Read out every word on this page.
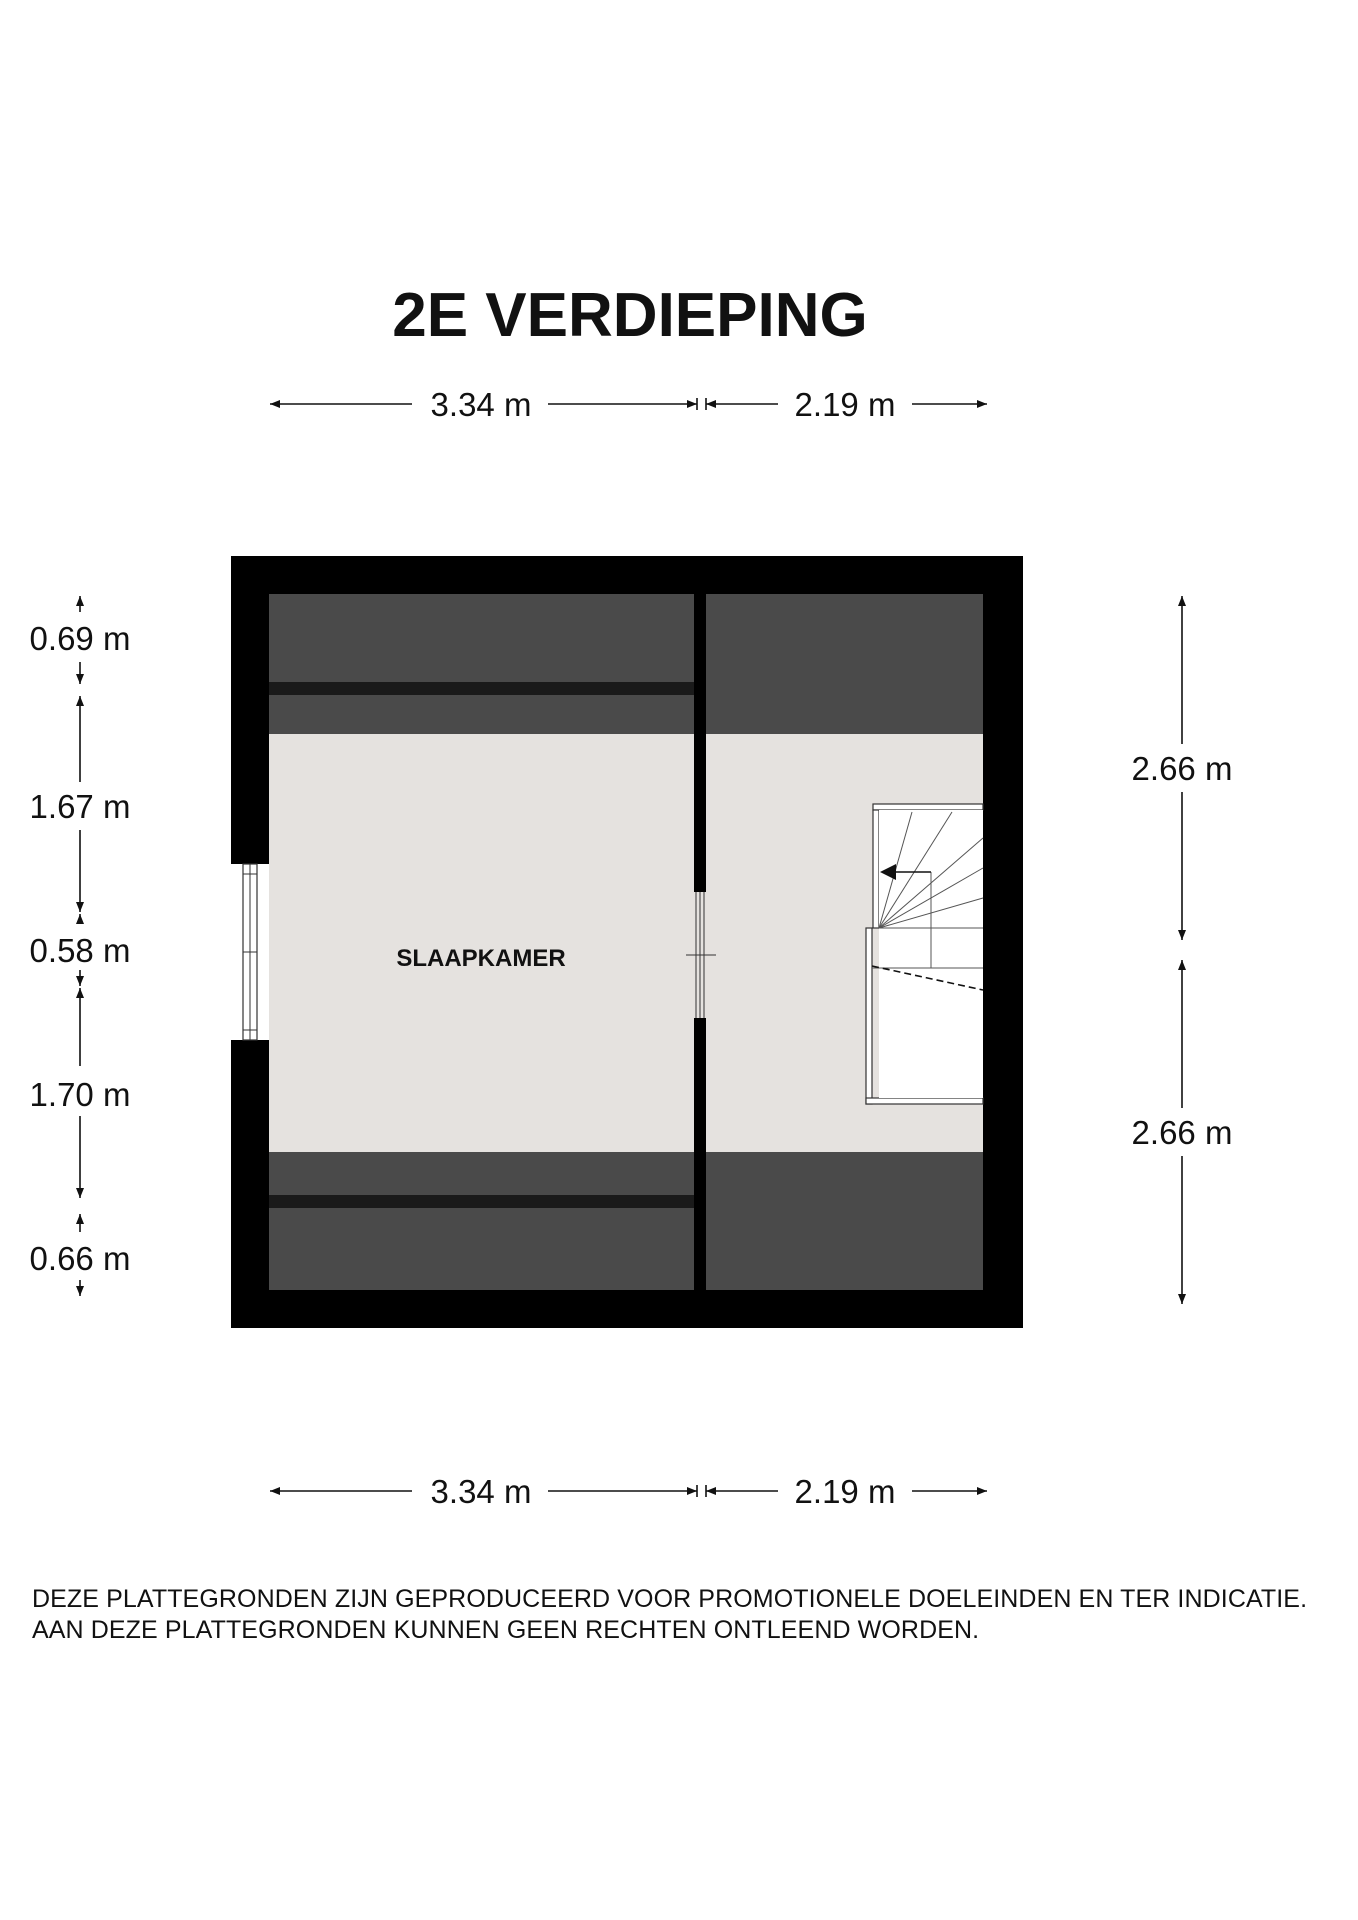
2E VERDIEPING
3.34 m	2.19 m
SLAAPKAMER
0.69 m
1.67 m
0.58 m
1.70 m
0.66 m
2.66 m
2.66 m
3.34 m	2.19 m
DEZE PLATTEGRONDEN ZIJN GEPRODUCEERD VOOR PROMOTIONELE DOELEINDEN EN TER INDICATIE.
AAN DEZE PLATTEGRONDEN KUNNEN GEEN RECHTEN ONTLEEND WORDEN.
